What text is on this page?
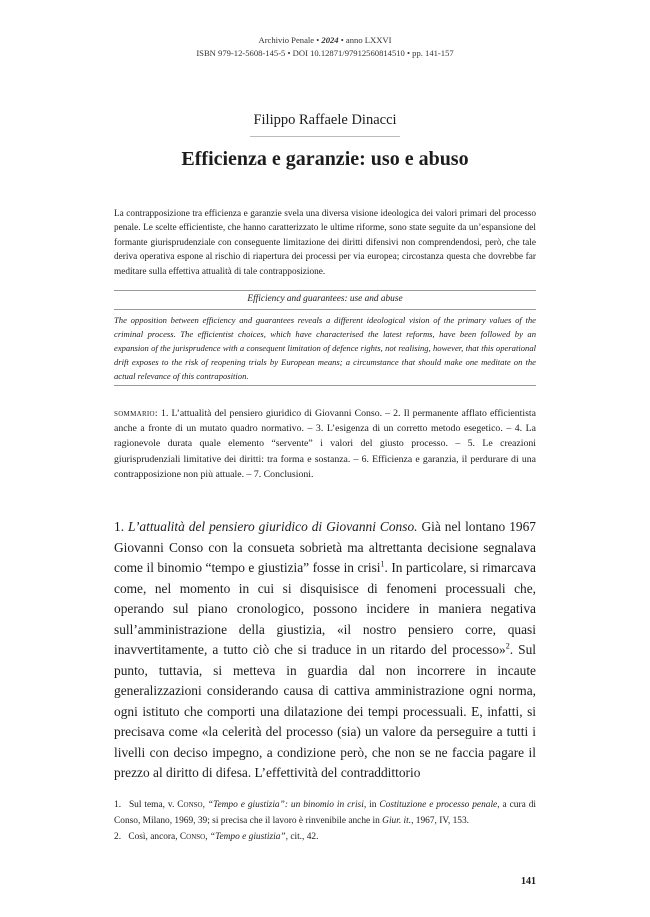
Archivio Penale • 2024 • anno LXXVI
ISBN 979-12-5608-145-5 • DOI 10.12871/97912560814510 • pp. 141-157
Filippo Raffaele Dinacci
Efficienza e garanzie: uso e abuso
La contrapposizione tra efficienza e garanzie svela una diversa visione ideologica dei valori primari del processo penale. Le scelte efficientiste, che hanno caratterizzato le ultime riforme, sono state seguite da un’espansione del formante giurisprudenziale con conseguente limitazione dei diritti difensivi non comprendendosi, però, che tale deriva operativa espone al rischio di riapertura dei processi per via europea; circostanza questa che dovrebbe far meditare sulla effettiva attualità di tale contrapposizione.
Efficiency and guarantees: use and abuse
The opposition between efficiency and guarantees reveals a different ideological vision of the primary values of the criminal process. The efficientist choices, which have characterised the latest reforms, have been followed by an expansion of the jurisprudence with a consequent limitation of defence rights, not realising, however, that this operational drift exposes to the risk of reopening trials by European means; a circumstance that should make one meditate on the actual relevance of this contraposition.
sommario: 1. L’attualità del pensiero giuridico di Giovanni Conso. – 2. Il permanente afflato efficientista anche a fronte di un mutato quadro normativo. – 3. L’esigenza di un corretto metodo esegetico. – 4. La ragionevole durata quale elemento “servente” i valori del giusto processo. – 5. Le creazioni giurisprudenziali limitative dei diritti: tra forma e sostanza. – 6. Efficienza e garanzia, il perdurare di una contrapposizione non più attuale. – 7. Conclusioni.
1. L’attualità del pensiero giuridico di Giovanni Conso. Già nel lontano 1967 Giovanni Conso con la consueta sobrietà ma altrettanta decisione segnalava come il binomio “tempo e giustizia” fosse in crisi$^1$. In particolare, si rimarcava come, nel momento in cui si disquisisce di fenomeni processuali che, operando sul piano cronologico, possono incidere in maniera negativa sull’amministrazione della giustizia, «il nostro pensiero corre, quasi inavvertitamente, a tutto ciò che si traduce in un ritardo del processo»$^2$. Sul punto, tuttavia, si metteva in guardia dal non incorrere in incaute generalizzazioni considerando causa di cattiva amministrazione ogni norma, ogni istituto che comporti una dilatazione dei tempi processuali. E, infatti, si precisava come «la celerità del processo (sia) un valore da perseguire a tutti i livelli con deciso impegno, a condizione però, che non se ne faccia pagare il prezzo al diritto di difesa. L’effettività del contraddittorio
1. Sul tema, v. Conso, “Tempo e giustizia”: un binomio in crisi, in Costituzione e processo penale, a cura di Conso, Milano, 1969, 39; si precisa che il lavoro è rinvenibile anche in Giur. it., 1967, IV, 153.
2. Così, ancora, Conso, “Tempo e giustizia”, cit., 42.
141
